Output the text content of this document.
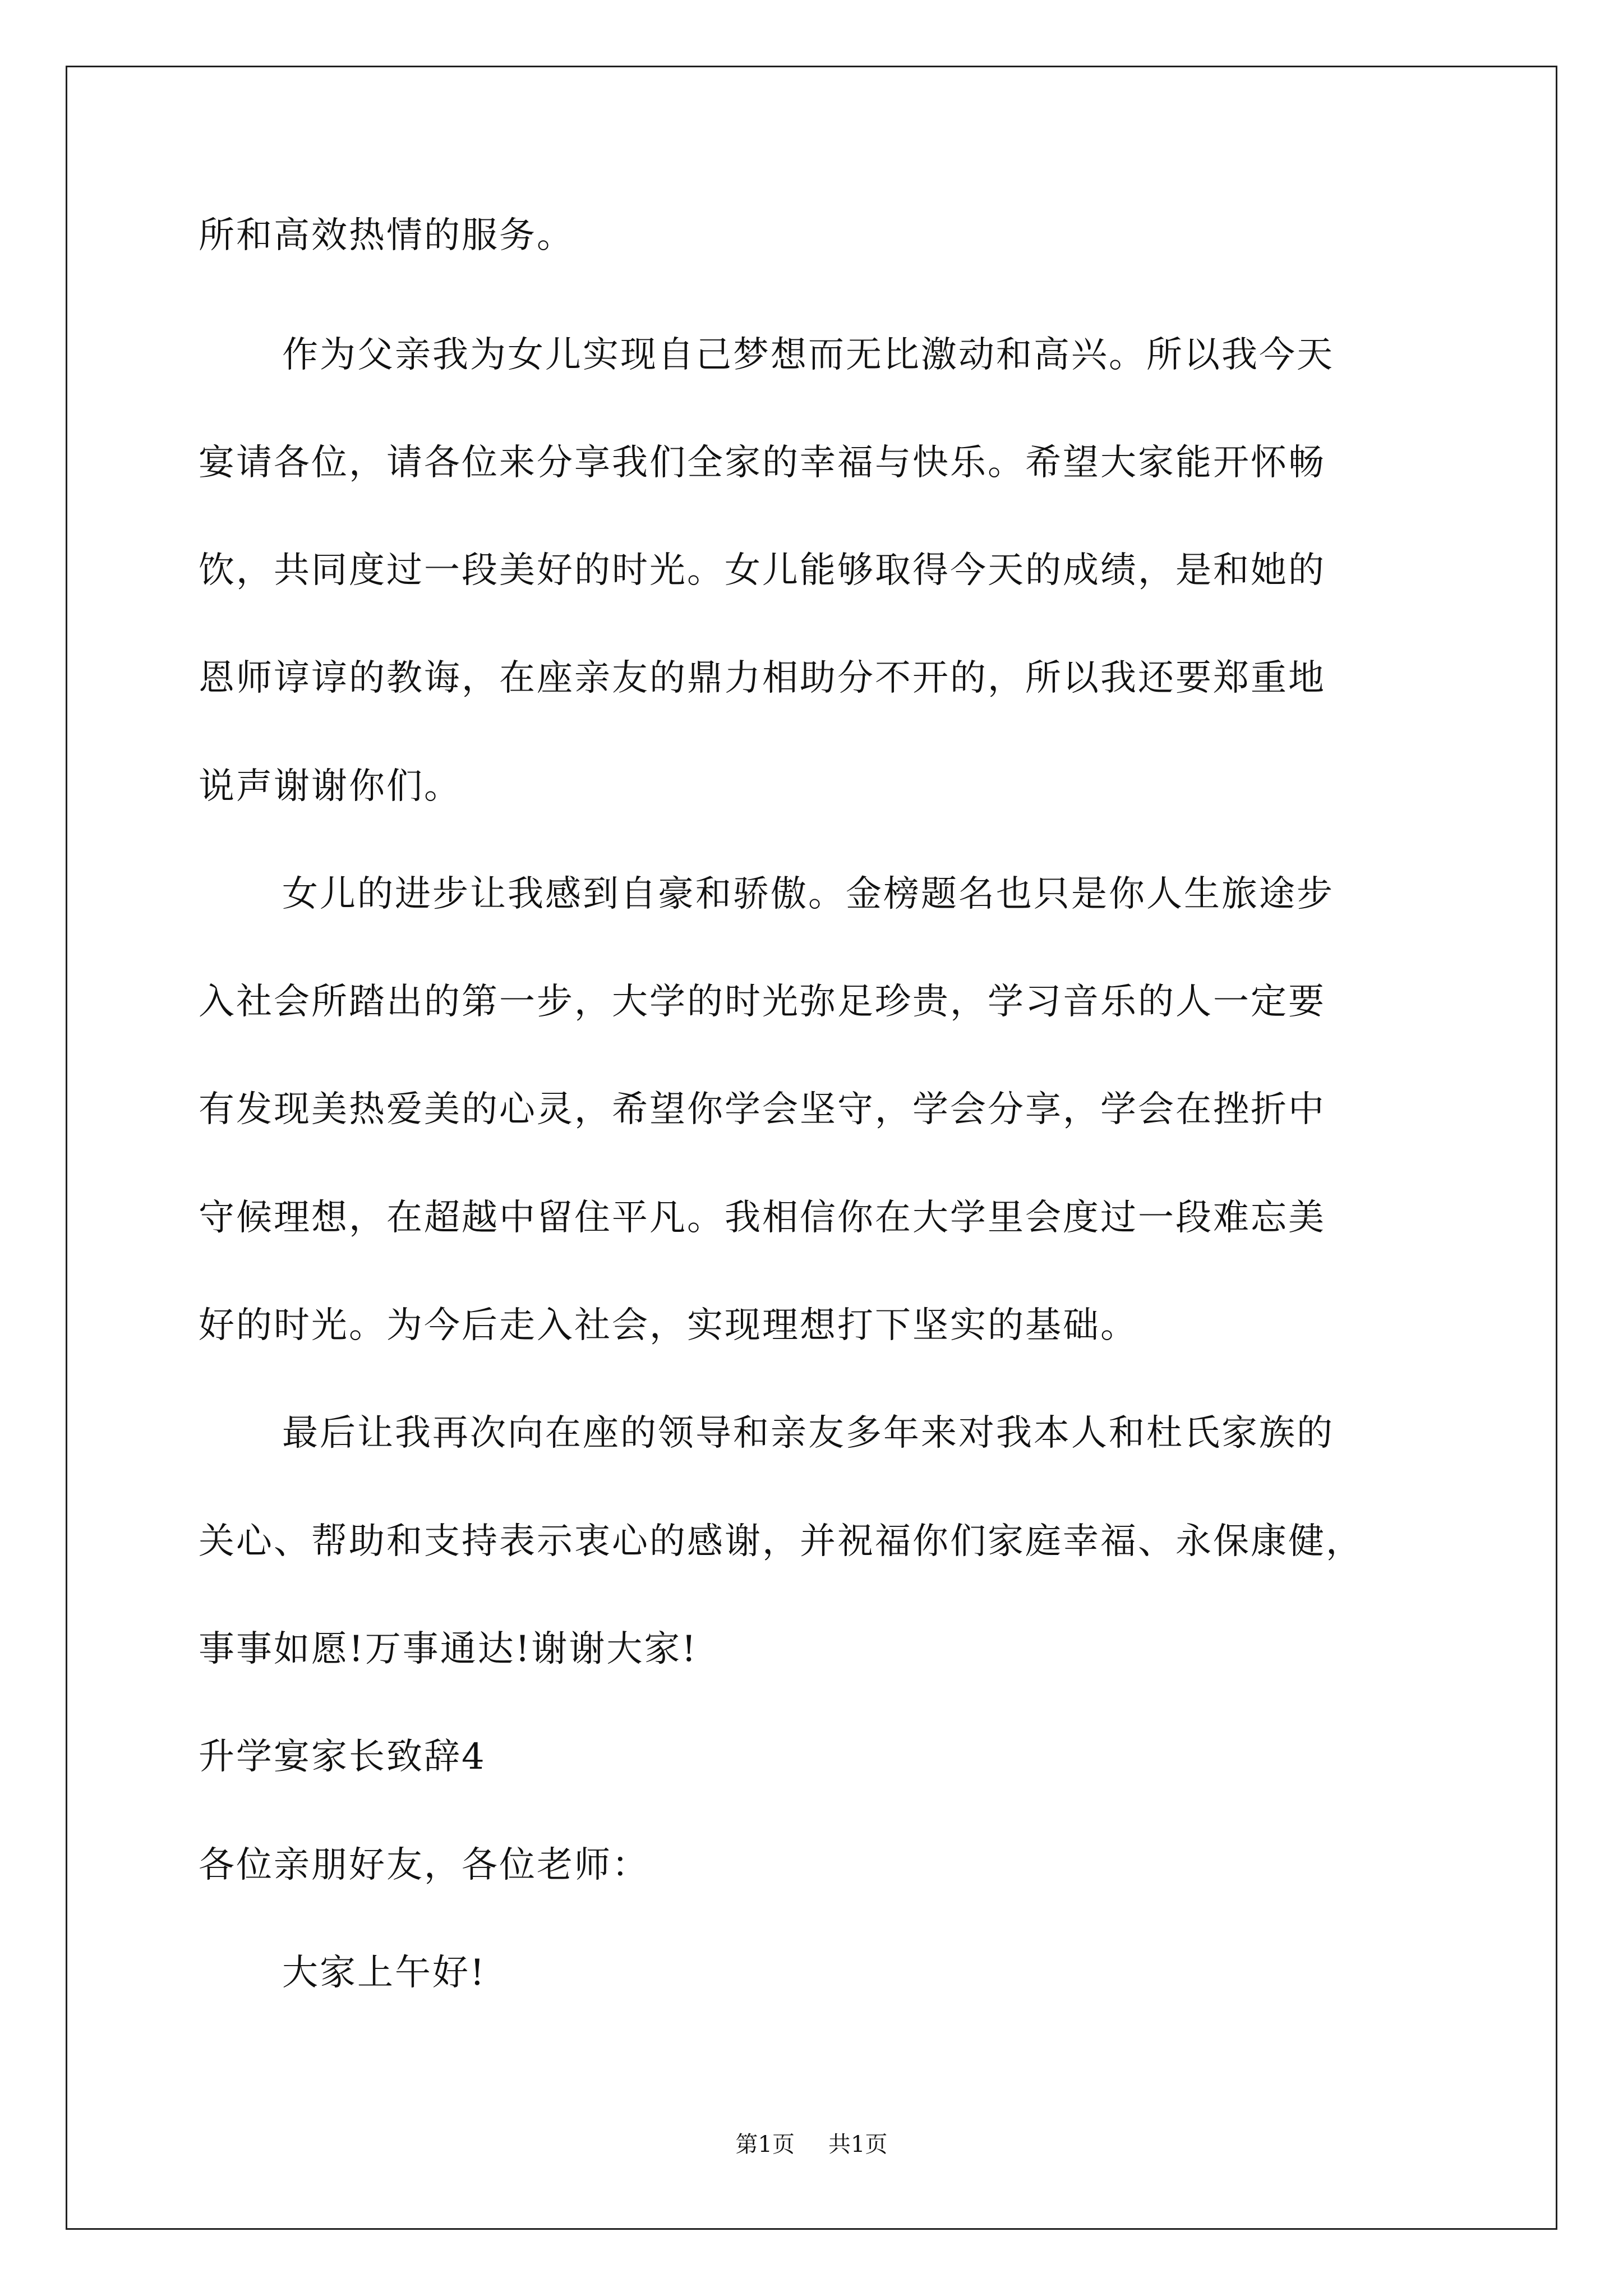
所和高效热情的服务。
作为父亲我为女儿实现自己梦想而无比激动和高兴。所以我今天
宴请各位，请各位来分享我们全家的幸福与快乐。希望大家能开怀畅
饮，共同度过一段美好的时光。女儿能够取得今天的成绩，是和她的
恩师谆谆的教诲，在座亲友的鼎力相助分不开的，所以我还要郑重地
说声谢谢你们。
女儿的进步让我感到自豪和骄傲。金榜题名也只是你人生旅途步
入社会所踏出的第一步，大学的时光弥足珍贵，学习音乐的人一定要
有发现美热爱美的心灵，希望你学会坚守，学会分享，学会在挫折中
守候理想，在超越中留住平凡。我相信你在大学里会度过一段难忘美
好的时光。为今后走入社会，实现理想打下坚实的基础。
最后让我再次向在座的领导和亲友多年来对我本人和杜氏家族的
关心、帮助和支持表示衷心的感谢，并祝福你们家庭幸福、永保康健，
事事如愿!万事通达!谢谢大家!
升学宴家长致辞4
各位亲朋好友，各位老师：
大家上午好!
第1页 共1页
